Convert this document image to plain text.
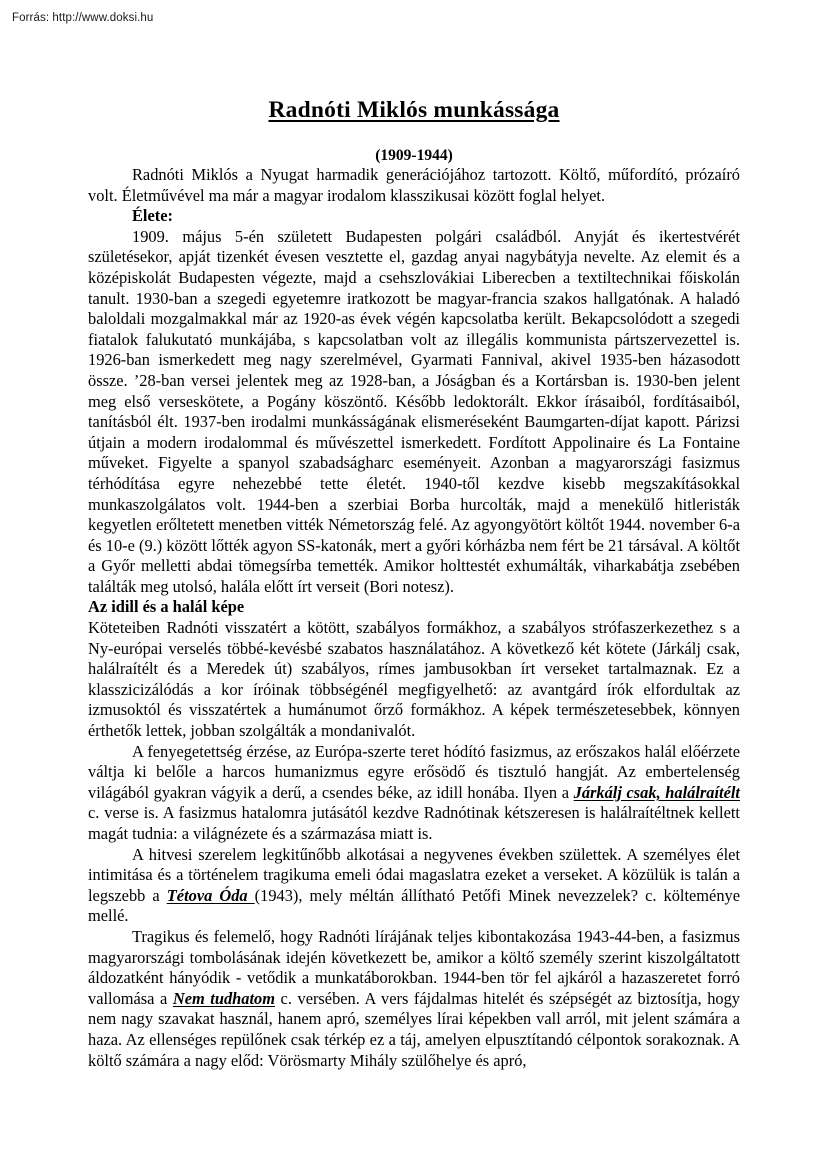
Forrás: http://www.doksi.hu
Radnóti Miklós munkássága
(1909-1944)

Radnóti Miklós a Nyugat harmadik generációjához tartozott. Költő, műfordító, prózaíró volt. Életművével ma már a magyar irodalom klasszikusai között foglal helyet.

Élete:

1909. május 5-én született Budapesten polgári családból. Anyját és ikertestvérét születésekor, apját tizenkét évesen vesztette el, gazdag anyai nagybátyja nevelte. Az elemit és a középiskolát Budapesten végezte, majd a csehszlovákiai Liberecben a textiltechnikai főiskolán tanult. 1930-ban a szegedi egyetemre iratkozott be magyar-francia szakos hallgatónak. A haladó baloldali mozgalmakkal már az 1920-as évek végén kapcsolatba került. Bekapcsolódott a szegedi fiatalok falukutató munkájába, s kapcsolatban volt az illegális kommunista pártszervezettel is. 1926-ban ismerkedett meg nagy szerelmével, Gyarmati Fannival, akivel 1935-ben házasodott össze. ’28-ban versei jelentek meg az 1928-ban, a Jóságban és a Kortársban is. 1930-ben jelent meg első verseskötete, a Pogány köszöntő. Később ledoktorált. Ekkor írásaiból, fordításaiból, tanításból élt. 1937-ben irodalmi munkásságának elismeréseként Baumgarten-díjat kapott. Párizsi útjain a modern irodalommal és művészettel ismerkedett. Fordított Appolinaire és La Fontaine műveket. Figyelte a spanyol szabadságharc eseményeit. Azonban a magyarországi fasizmus térhódítása egyre nehezebbé tette életét. 1940-től kezdve kisebb megszakításokkal munkaszolgálatos volt. 1944-ben a szerbiai Borba hurcolták, majd a menekülő hitleristák kegyetlen erőltetett menetben vitték Németország felé. Az agyongyötört költőt 1944. november 6-a és 10-e (9.) között lőtték agyon SS-katonák, mert a győri kórházba nem fért be 21 társával. A költőt a Győr melletti abdai tömegsírba temették. Amikor holttestét exhumálták, viharkabátja zsebében találták meg utolsó, halála előtt írt verseit (Bori notesz).

Az idill és a halál képe

Köteteiben Radnóti visszatért a kötött, szabályos formákhoz, a szabályos strófaszerkezethez s a Ny-európai verselés többé-kevésbé szabatos használatához. A következő két kötete (Járkálj csak, halálraítélt és a Meredek út) szabályos, rímes jambusokban írt verseket tartalmaznak. Ez a klasszicizálódás a kor íróinak többségénél megfigyelhető: az avantgárd írók elfordultak az izmusoktól és visszatértek a humánumot őrző formákhoz. A képek természetesebbek, könnyen érthetők lettek, jobban szolgálták a mondanivalót.

A fenyegetettség érzése, az Európa-szerte teret hódító fasizmus, az erőszakos halál előérzete váltja ki belőle a harcos humanizmus egyre erősödő és tisztuló hangját. Az embertelenség világából gyakran vágyik a derű, a csendes béke, az idill honába. Ilyen a Járkálj csak, halálraítélt c. verse is. A fasizmus hatalomra jutásától kezdve Radnótinak kétszeresen is halálraítéltnek kellett magát tudnia: a világnézete és a származása miatt is.

A hitvesi szerelem legkitűnőbb alkotásai a negyvenes években születtek. A személyes élet intimitása és a történelem tragikuma emeli ódai magaslatra ezeket a verseket. A közülük is talán a legszebb a Tétova Óda (1943), mely méltán állítható Petőfi Minek nevezzelek? c. költeménye mellé.

Tragikus és felemelő, hogy Radnóti lírájának teljes kibontakozása 1943-44-ben, a fasizmus magyarországi tombolásának idején következett be, amikor a költő személy szerint kiszolgáltatott áldozatként hányódik - vetődik a munkatáborokban. 1944-ben tör fel ajkáról a hazaszeretet forró vallomása a Nem tudhatom c. versében. A vers fájdalmas hitelét és szépségét az biztosítja, hogy nem nagy szavakat használ, hanem apró, személyes lírai képekben vall arról, mit jelent számára a haza. Az ellenséges repülőnek csak térkép ez a táj, amelyen elpusztítandó célpontok sorakoznak. A költő számára a nagy előd: Vörösmarty Mihály szülőhelye és apró,
